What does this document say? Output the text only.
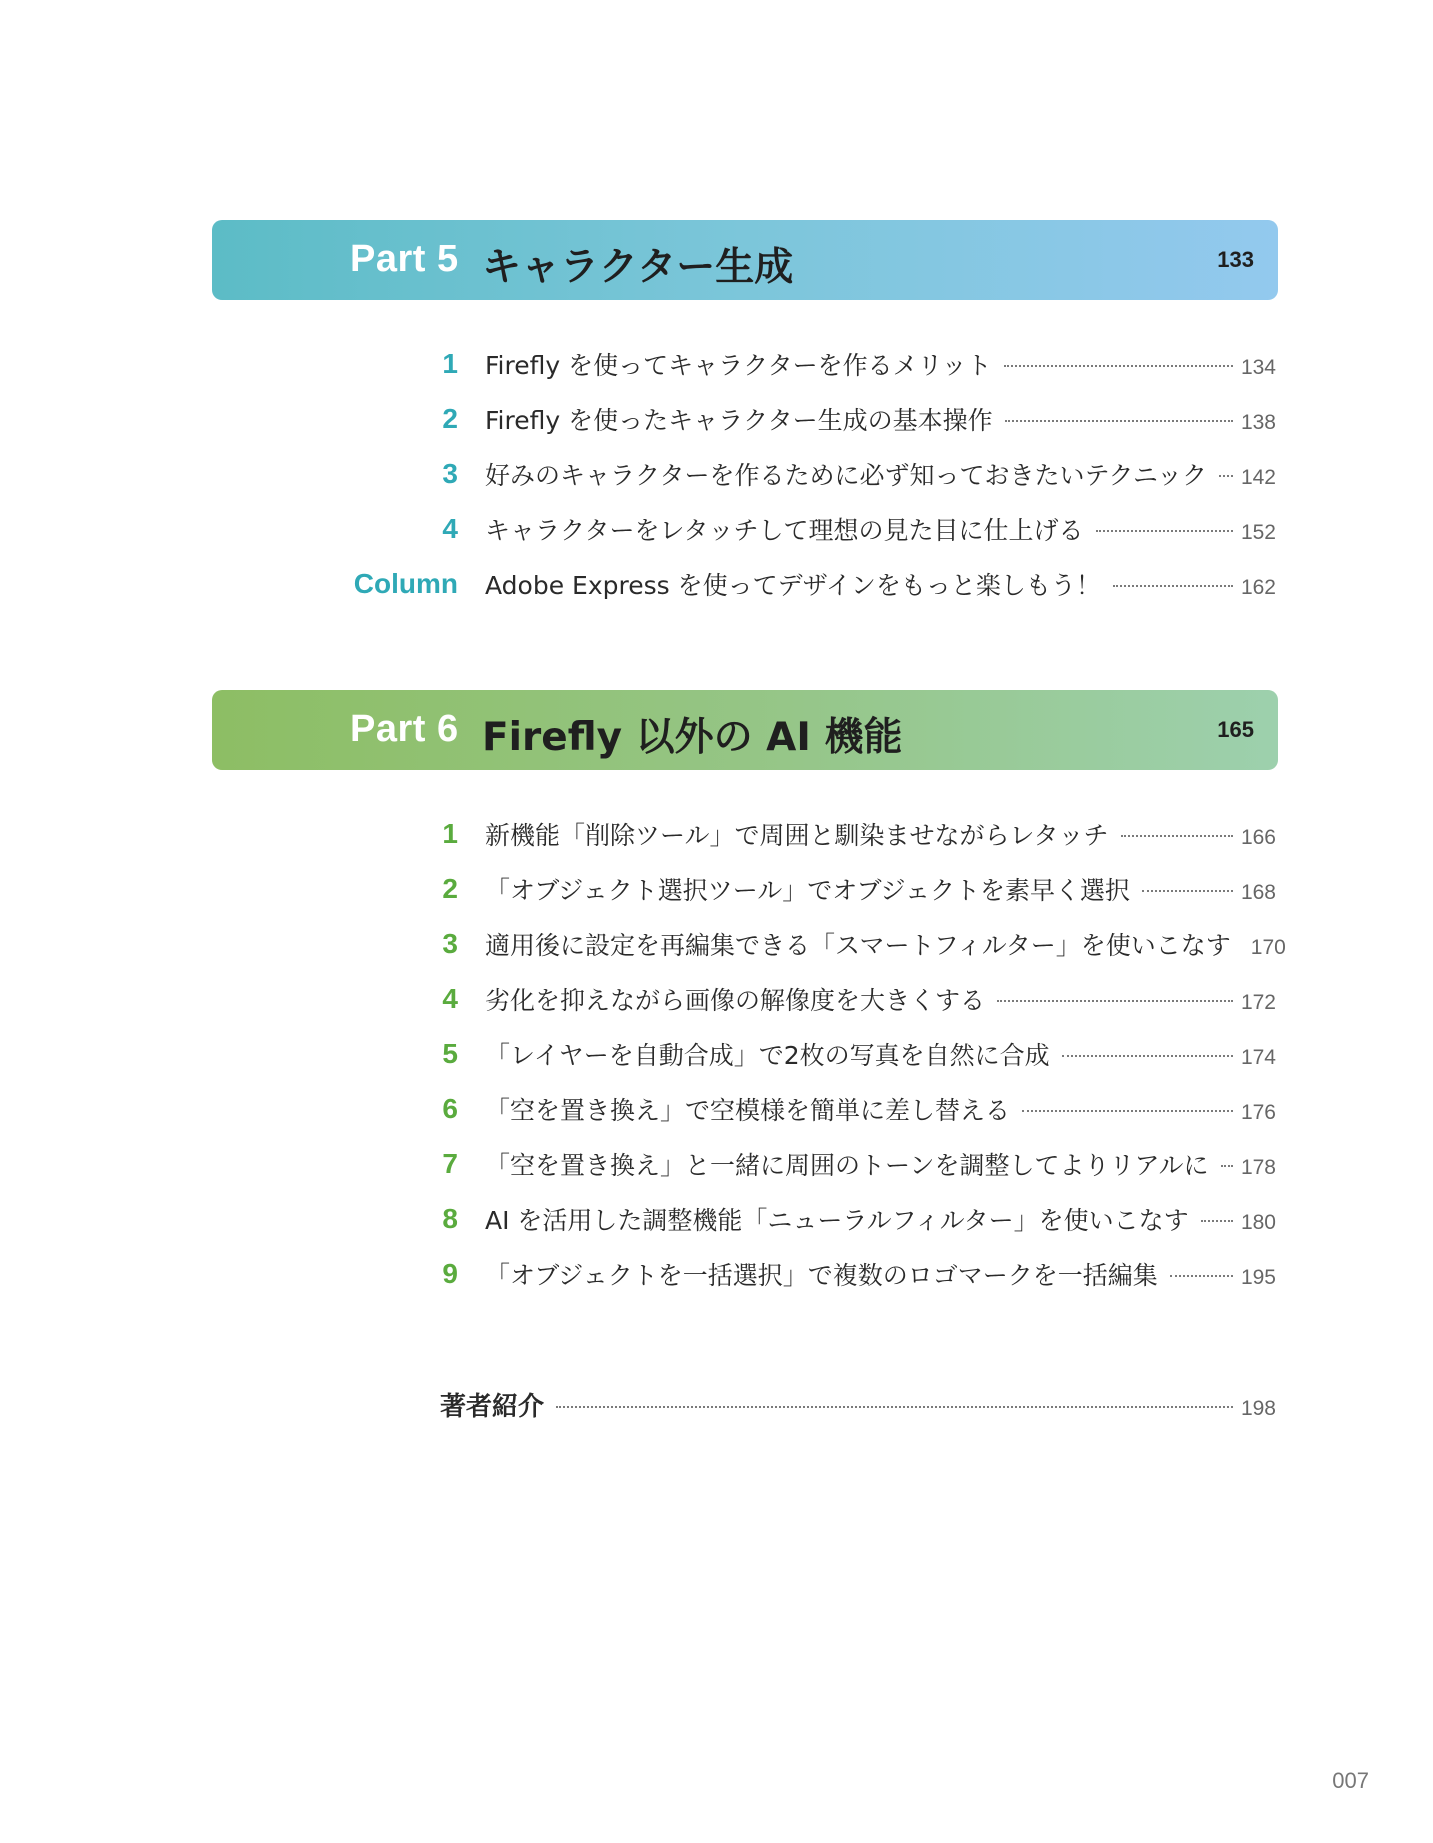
Part 5 キャラクター生成	133
1 Firefly を使ってキャラクターを作るメリット	134
2 Firefly を使ったキャラクター生成の基本操作	138
3 好みのキャラクターを作るために必ず知っておきたいテクニック 142
4 キャラクターをレタッチして理想の見た目に仕上げる	152
Column Adobe Express を使ってデザインをもっと楽しもう！	162
Part 6 Firefly 以外の AI 機能	165
1 新機能「削除ツール」で周囲と馴染ませながらレタッチ	166
2 「オブジェクト選択ツール」でオブジェクトを素早く選択	168
3 適用後に設定を再編集できる「スマートフィルター」を使いこなす 170
4 劣化を抑えながら画像の解像度を大きくする	172
5 「レイヤーを自動合成」で2枚の写真を自然に合成	174
6 「空を置き換え」で空模様を簡単に差し替える	176
7 「空を置き換え」と一緒に周囲のトーンを調整してよりリアルに 178
8 AI を活用した調整機能「ニューラルフィルター」を使いこなす 180
9 「オブジェクトを一括選択」で複数のロゴマークを一括編集	195
著者紹介	198
007
